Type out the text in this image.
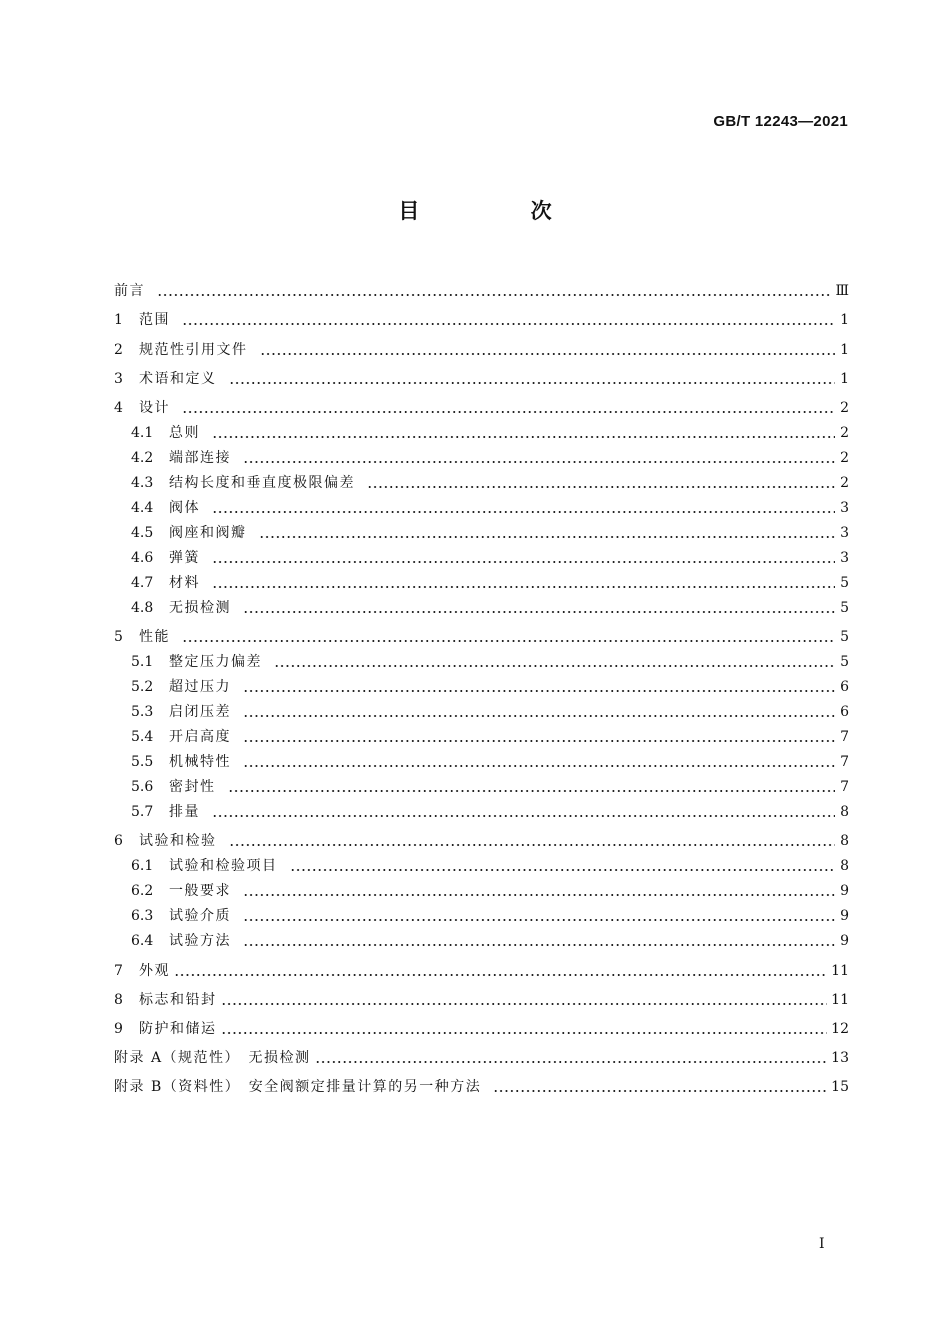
GB/T 12243—2021
目 次
前言	Ⅲ
1	范围	1
2	规范性引用文件	1
3	术语和定义	1
4	设计	2
4.1	总则	2
4.2	端部连接	2
4.3	结构长度和垂直度极限偏差	2
4.4	阀体	3
4.5	阀座和阀瓣	3
4.6	弹簧	3
4.7	材料	5
4.8	无损检测	5
5	性能	5
5.1	整定压力偏差	5
5.2	超过压力	6
5.3	启闭压差	6
5.4	开启高度	7
5.5	机械特性	7
5.6	密封性	7
5.7	排量	8
6	试验和检验	8
6.1	试验和检验项目	8
6.2	一般要求	9
6.3	试验介质	9
6.4	试验方法	9
7	外观	11
8	标志和铅封	11
9	防护和储运	12
附录 A（规范性）　无损检测	13
附录 B（资料性）　安全阀额定排量计算的另一种方法	15
I
